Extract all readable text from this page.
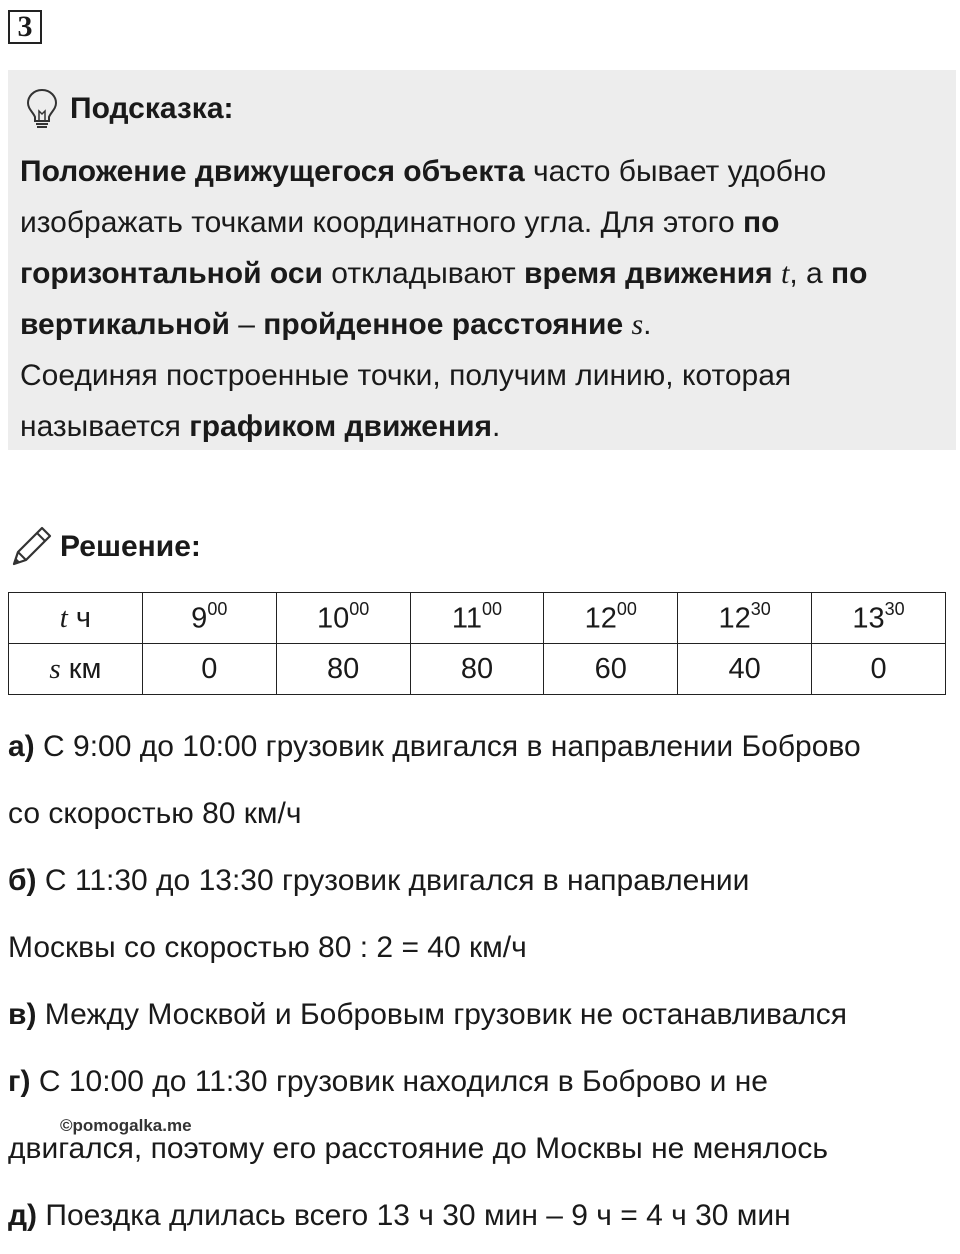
3
Подсказка:
Положение движущегося объекта часто бывает удобно изображать точками координатного угла. Для этого по горизонтальной оси откладывают время движения t, а по вертикальной – пройденное расстояние s.
Соединяя построенные точки, получим линию, которая называется графиком движения.
Решение:
t ч	$9^{00}$	$10^{00}$	$11^{00}$	$12^{00}$	$12^{30}$	$13^{30}$
s км	0	80	80	60	40	0
а) С 9:00 до 10:00 грузовик двигался в направлении Боброво
со скоростью 80 км/ч
б) С 11:30 до 13:30 грузовик двигался в направлении
Москвы со скоростью 80 : 2 = 40 км/ч
в) Между Москвой и Бобровым грузовик не останавливался
г) С 10:00 до 11:30 грузовик находился в Боброво и не
двигался, поэтому его расстояние до Москвы не менялось
д) Поездка длилась всего 13 ч 30 мин – 9 ч = 4 ч 30 мин
©pomogalka.me
